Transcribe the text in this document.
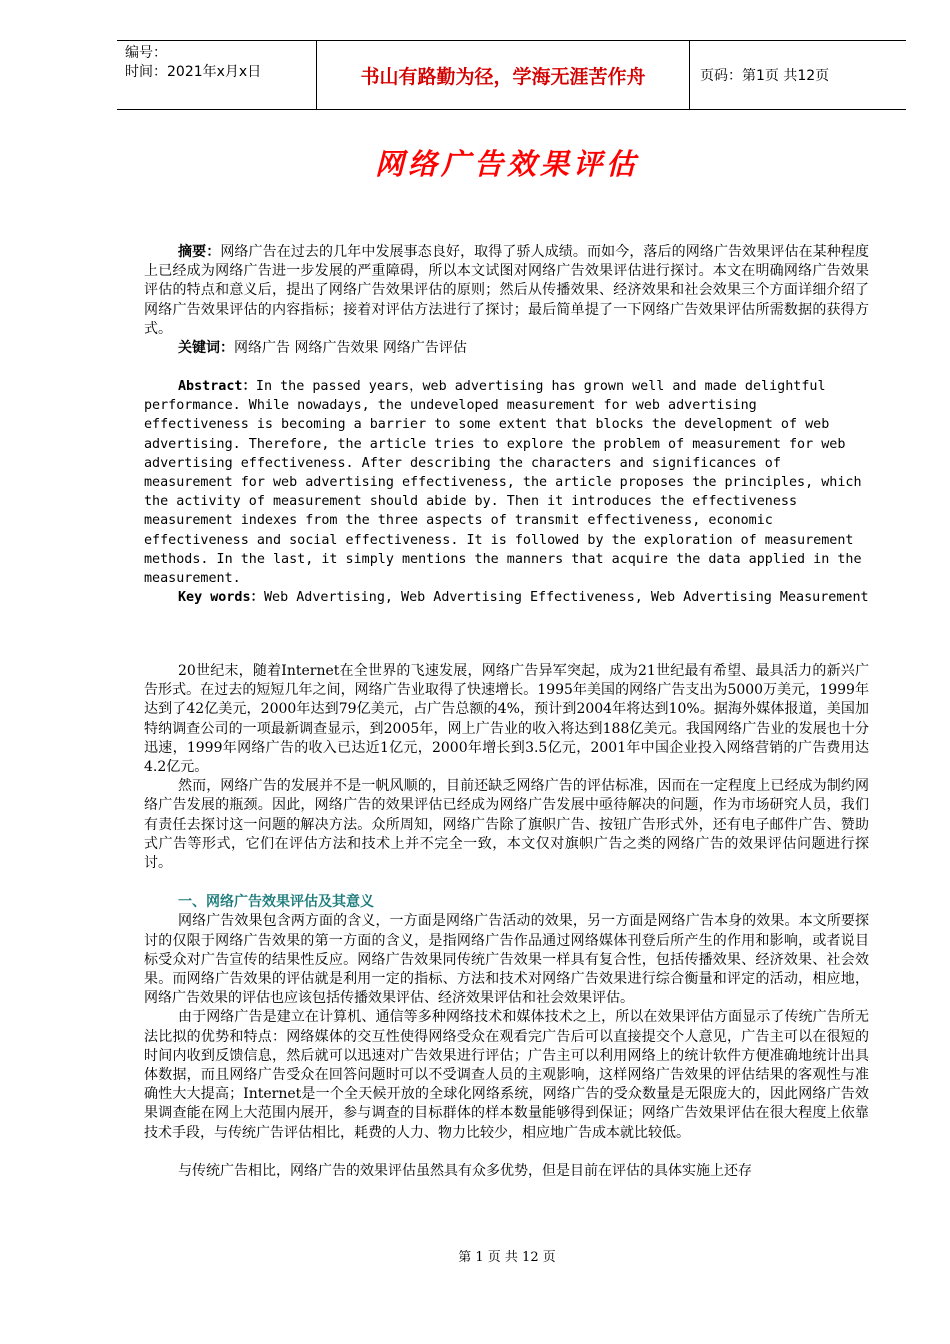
编号：
时间：2021年x月x日	书山有路勤为径，学海无涯苦作舟	页码：第1页 共12页
网络广告效果评估

摘要：网络广告在过去的几年中发展事态良好，取得了骄人成绩。而如今，落后的网络广告效果评估在某种程度上已经成为网络广告进一步发展的严重障碍，所以本文试图对网络广告效果评估进行探讨。本文在明确网络广告效果评估的特点和意义后，提出了网络广告效果评估的原则；然后从传播效果、经济效果和社会效果三个方面详细介绍了网络广告效果评估的内容指标；接着对评估方法进行了探讨；最后简单提了一下网络广告效果评估所需数据的获得方式。

关键词：网络广告 网络广告效果 网络广告评估

Abstract：In the passed years，web advertising has grown well and made delightful performance. While nowadays, the undeveloped measurement for web advertising effectiveness is becoming a barrier to some extent that blocks the development of web advertising. Therefore, the article tries to explore the problem of measurement for web advertising effectiveness. After describing the characters and significances of measurement for web advertising effectiveness, the article proposes the principles, which the activity of measurement should abide by. Then it introduces the effectiveness measurement indexes from the three aspects of transmit effectiveness, economic effectiveness and social effectiveness. It is followed by the exploration of measurement methods. In the last, it simply mentions the manners that acquire the data applied in the measurement.

Key words：Web Advertising, Web Advertising Effectiveness, Web Advertising Measurement

20世纪末，随着Internet在全世界的飞速发展，网络广告异军突起，成为21世纪最有希望、最具活力的新兴广告形式。在过去的短短几年之间，网络广告业取得了快速增长。1995年美国的网络广告支出为5000万美元，1999年达到了42亿美元，2000年达到79亿美元，占广告总额的4%，预计到2004年将达到10%。据海外媒体报道，美国加特纳调查公司的一项最新调查显示，到2005年，网上广告业的收入将达到188亿美元。我国网络广告业的发展也十分迅速，1999年网络广告的收入已达近1亿元，2000年增长到3.5亿元，2001年中国企业投入网络营销的广告费用达4.2亿元。

然而，网络广告的发展并不是一帆风顺的，目前还缺乏网络广告的评估标准，因而在一定程度上已经成为制约网络广告发展的瓶颈。因此，网络广告的效果评估已经成为网络广告发展中亟待解决的问题，作为市场研究人员，我们有责任去探讨这一问题的解决方法。众所周知，网络广告除了旗帜广告、按钮广告形式外，还有电子邮件广告、赞助式广告等形式，它们在评估方法和技术上并不完全一致，本文仅对旗帜广告之类的网络广告的效果评估问题进行探讨。

一、网络广告效果评估及其意义

网络广告效果包含两方面的含义，一方面是网络广告活动的效果，另一方面是网络广告本身的效果。本文所要探讨的仅限于网络广告效果的第一方面的含义，是指网络广告作品通过网络媒体刊登后所产生的作用和影响，或者说目标受众对广告宣传的结果性反应。网络广告效果同传统广告效果一样具有复合性，包括传播效果、经济效果、社会效果。而网络广告效果的评估就是利用一定的指标、方法和技术对网络广告效果进行综合衡量和评定的活动，相应地，网络广告效果的评估也应该包括传播效果评估、经济效果评估和社会效果评估。

由于网络广告是建立在计算机、通信等多种网络技术和媒体技术之上，所以在效果评估方面显示了传统广告所无法比拟的优势和特点：网络媒体的交互性使得网络受众在观看完广告后可以直接提交个人意见，广告主可以在很短的时间内收到反馈信息，然后就可以迅速对广告效果进行评估；广告主可以利用网络上的统计软件方便准确地统计出具体数据，而且网络广告受众在回答问题时可以不受调查人员的主观影响，这样网络广告效果的评估结果的客观性与准确性大大提高；Internet是一个全天候开放的全球化网络系统，网络广告的受众数量是无限庞大的，因此网络广告效果调查能在网上大范围内展开，参与调查的目标群体的样本数量能够得到保证；网络广告效果评估在很大程度上依靠技术手段，与传统广告评估相比，耗费的人力、物力比较少，相应地广告成本就比较低。

与传统广告相比，网络广告的效果评估虽然具有众多优势，但是目前在评估的具体实施上还存

第 1 页 共 12 页
